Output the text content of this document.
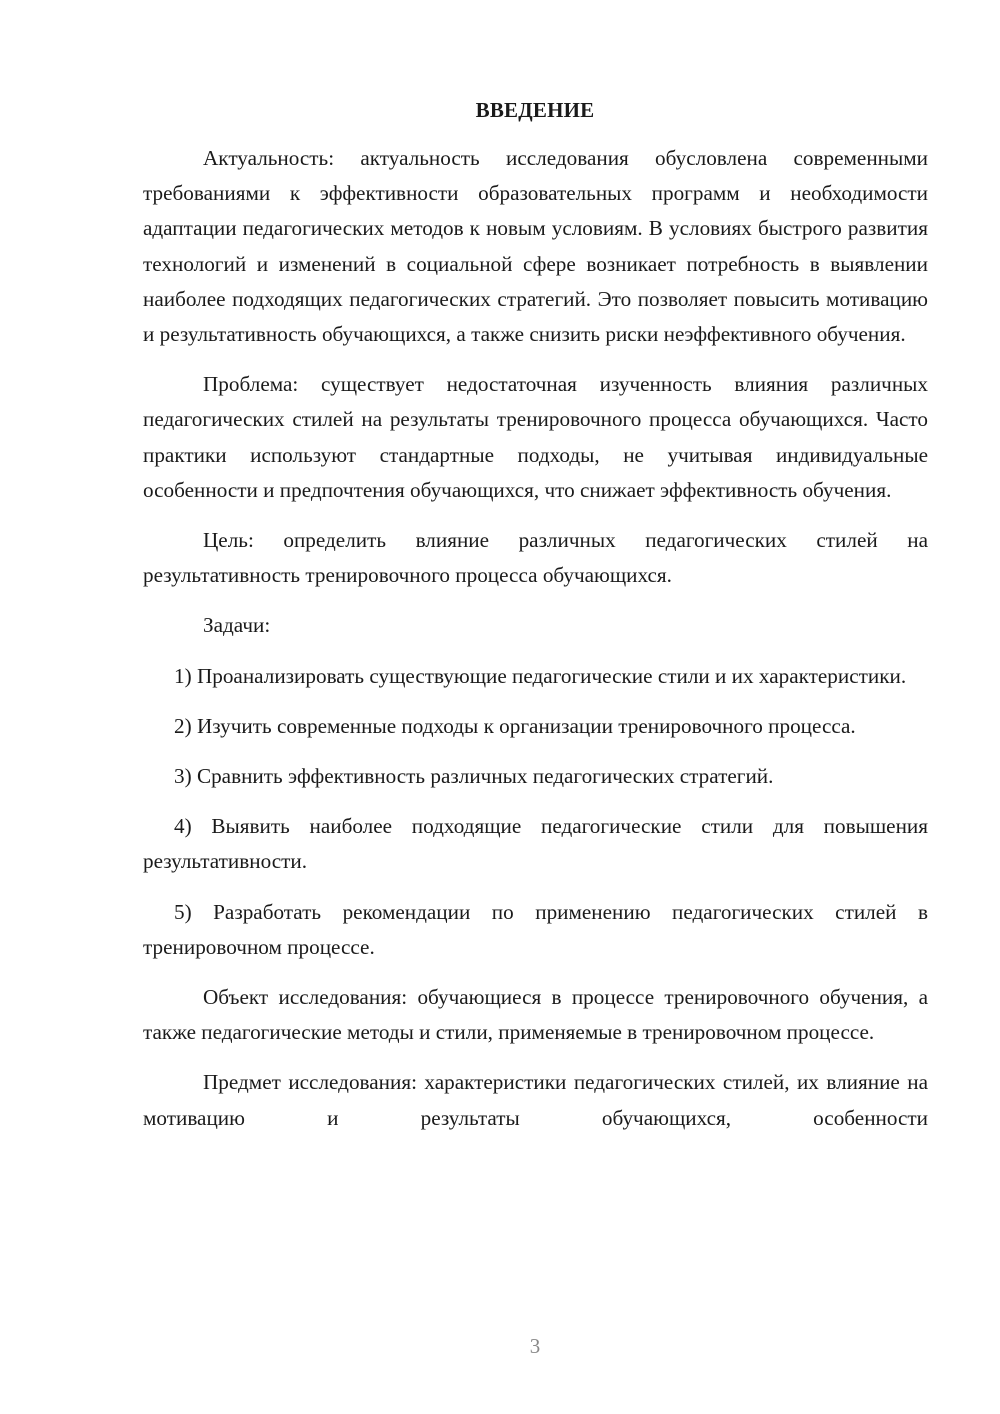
ВВЕДЕНИЕ

Актуальность: актуальность исследования обусловлена современными требованиями к эффективности образовательных программ и необходимости адаптации педагогических методов к новым условиям. В условиях быстрого развития технологий и изменений в социальной сфере возникает потребность в выявлении наиболее подходящих педагогических стратегий. Это позволяет повысить мотивацию и результативность обучающихся, а также снизить риски неэффективного обучения.

Проблема: существует недостаточная изученность влияния различных педагогических стилей на результаты тренировочного процесса обучающихся. Часто практики используют стандартные подходы, не учитывая индивидуальные особенности и предпочтения обучающихся, что снижает эффективность обучения.

Цель: определить влияние различных педагогических стилей на результативность тренировочного процесса обучающихся.

Задачи:

1) Проанализировать существующие педагогические стили и их характеристики.

2) Изучить современные подходы к организации тренировочного процесса.

3) Сравнить эффективность различных педагогических стратегий.

4) Выявить наиболее подходящие педагогические стили для повышения результативности.

5) Разработать рекомендации по применению педагогических стилей в тренировочном процессе.

Объект исследования: обучающиеся в процессе тренировочного обучения, а также педагогические методы и стили, применяемые в тренировочном процессе.

Предмет исследования: характеристики педагогических стилей, их влияние на мотивацию и результаты обучающихся, особенности

3
